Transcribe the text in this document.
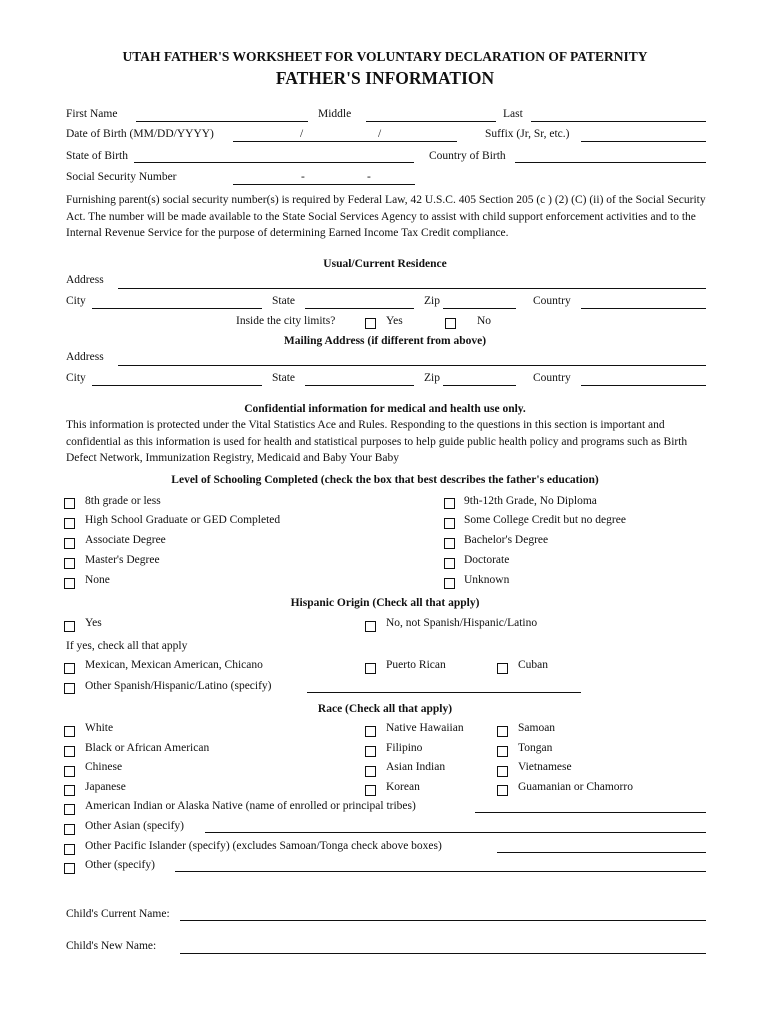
UTAH FATHER'S WORKSHEET FOR VOLUNTARY DECLARATION OF PATERNITY
FATHER'S INFORMATION
First Name	Middle	Last
Date of Birth (MM/DD/YYYY)	/	/	Suffix (Jr, Sr, etc.)
State of Birth	Country of Birth
Social Security Number	-	-
Furnishing parent(s) social security number(s) is required by Federal Law, 42 U.S.C. 405 Section 205 (c ) (2) (C) (ii) of the Social Security Act. The number will be made available to the State Social Services Agency to assist with child support enforcement activities and to the Internal Revenue Service for the purpose of determining Earned Income Tax Credit compliance.
Usual/Current Residence
Address
City	State	Zip	Country
Inside the city limits?	Yes	No
Mailing Address (if different from above)
Address
City	State	Zip	Country
Confidential information for medical and health use only.
This information is protected under the Vital Statistics Ace and Rules. Responding to the questions in this section is important and confidential as this information is used for health and statistical purposes to help guide public health policy and programs such as Birth Defect Network, Immunization Registry, Medicaid and Baby Your Baby
Level of Schooling Completed (check the box that best describes the father's education)
8th grade or less
High School Graduate or GED Completed
Associate Degree
Master's Degree
None
9th-12th Grade, No Diploma
Some College Credit but no degree
Bachelor's Degree
Doctorate
Unknown
Hispanic Origin (Check all that apply)
Yes	No, not Spanish/Hispanic/Latino
If yes, check all that apply
Mexican, Mexican American, Chicano	Puerto Rican	Cuban
Other Spanish/Hispanic/Latino (specify)
Race (Check all that apply)
White
Black or African American
Chinese
Japanese
Native Hawaiian
Filipino
Asian Indian
Korean
Samoan
Tongan
Vietnamese
Guamanian or Chamorro
American Indian or Alaska Native (name of enrolled or principal tribes)
Other Asian (specify)
Other Pacific Islander (specify) (excludes Samoan/Tonga check above boxes)
Other (specify)
Child's Current Name:
Child's New Name:
